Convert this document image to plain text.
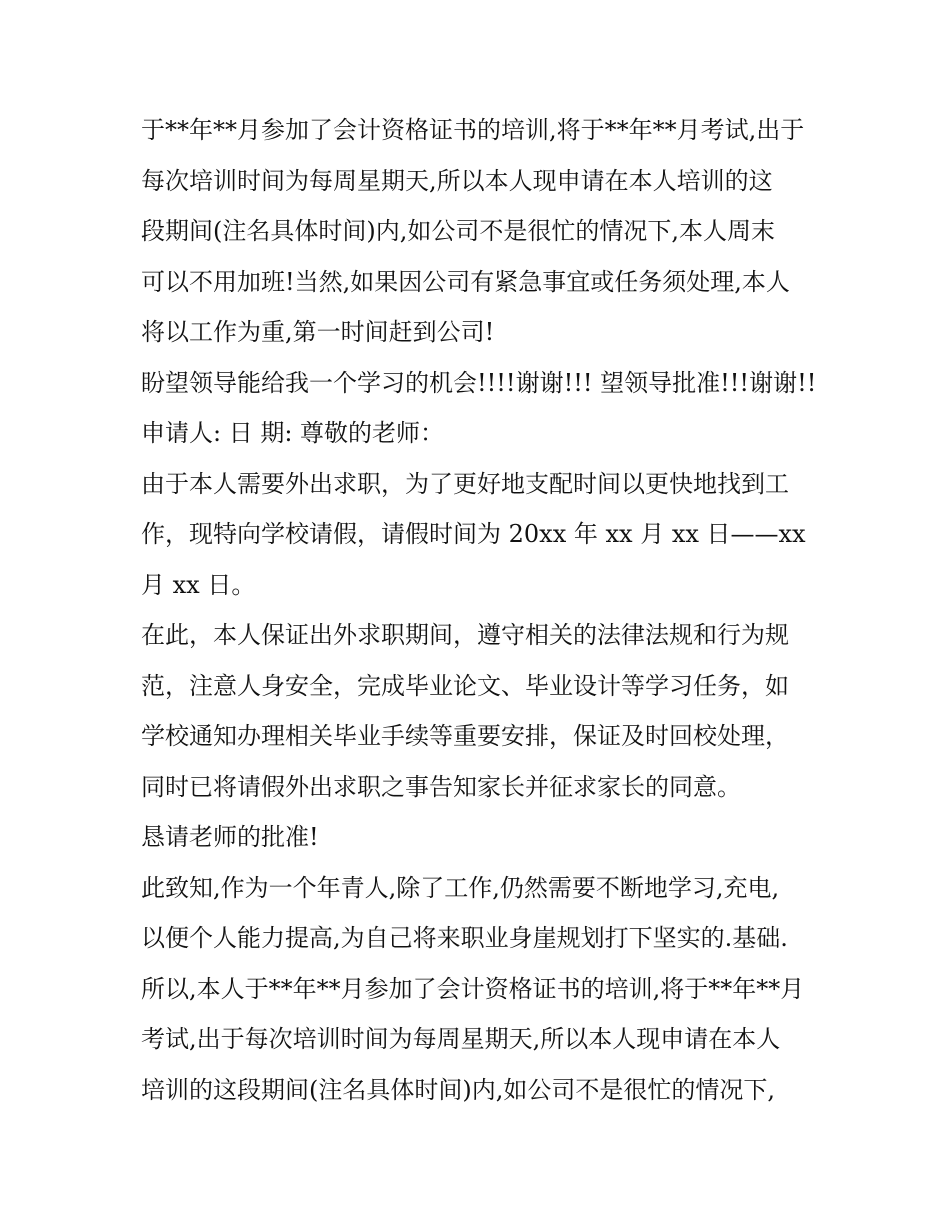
于**年**月参加了会计资格证书的培训,将于**年**月考试,出于

每次培训时间为每周星期天,所以本人现申请在本人培训的这

段期间(注名具体时间)内,如公司不是很忙的情况下,本人周末

可以不用加班!当然,如果因公司有紧急事宜或任务须处理,本人

将以工作为重,第一时间赶到公司!

盼望领导能给我一个学习的机会!!!!谢谢!!! 望领导批准!!!谢谢!!

申请人: 日 期: 尊敬的老师：

由于本人需要外出求职，为了更好地支配时间以更快地找到工

作，现特向学校请假，请假时间为 20xx 年 xx 月 xx 日——xx

月 xx 日。

在此，本人保证出外求职期间，遵守相关的法律法规和行为规

范，注意人身安全，完成毕业论文、毕业设计等学习任务，如

学校通知办理相关毕业手续等重要安排，保证及时回校处理，

同时已将请假外出求职之事告知家长并征求家长的同意。

恳请老师的批准!

此致知,作为一个年青人,除了工作,仍然需要不断地学习,充电,

以便个人能力提高,为自己将来职业身崖规划打下坚实的.基础.

所以,本人于**年**月参加了会计资格证书的培训,将于**年**月

考试,出于每次培训时间为每周星期天,所以本人现申请在本人

培训的这段期间(注名具体时间)内,如公司不是很忙的情况下,
